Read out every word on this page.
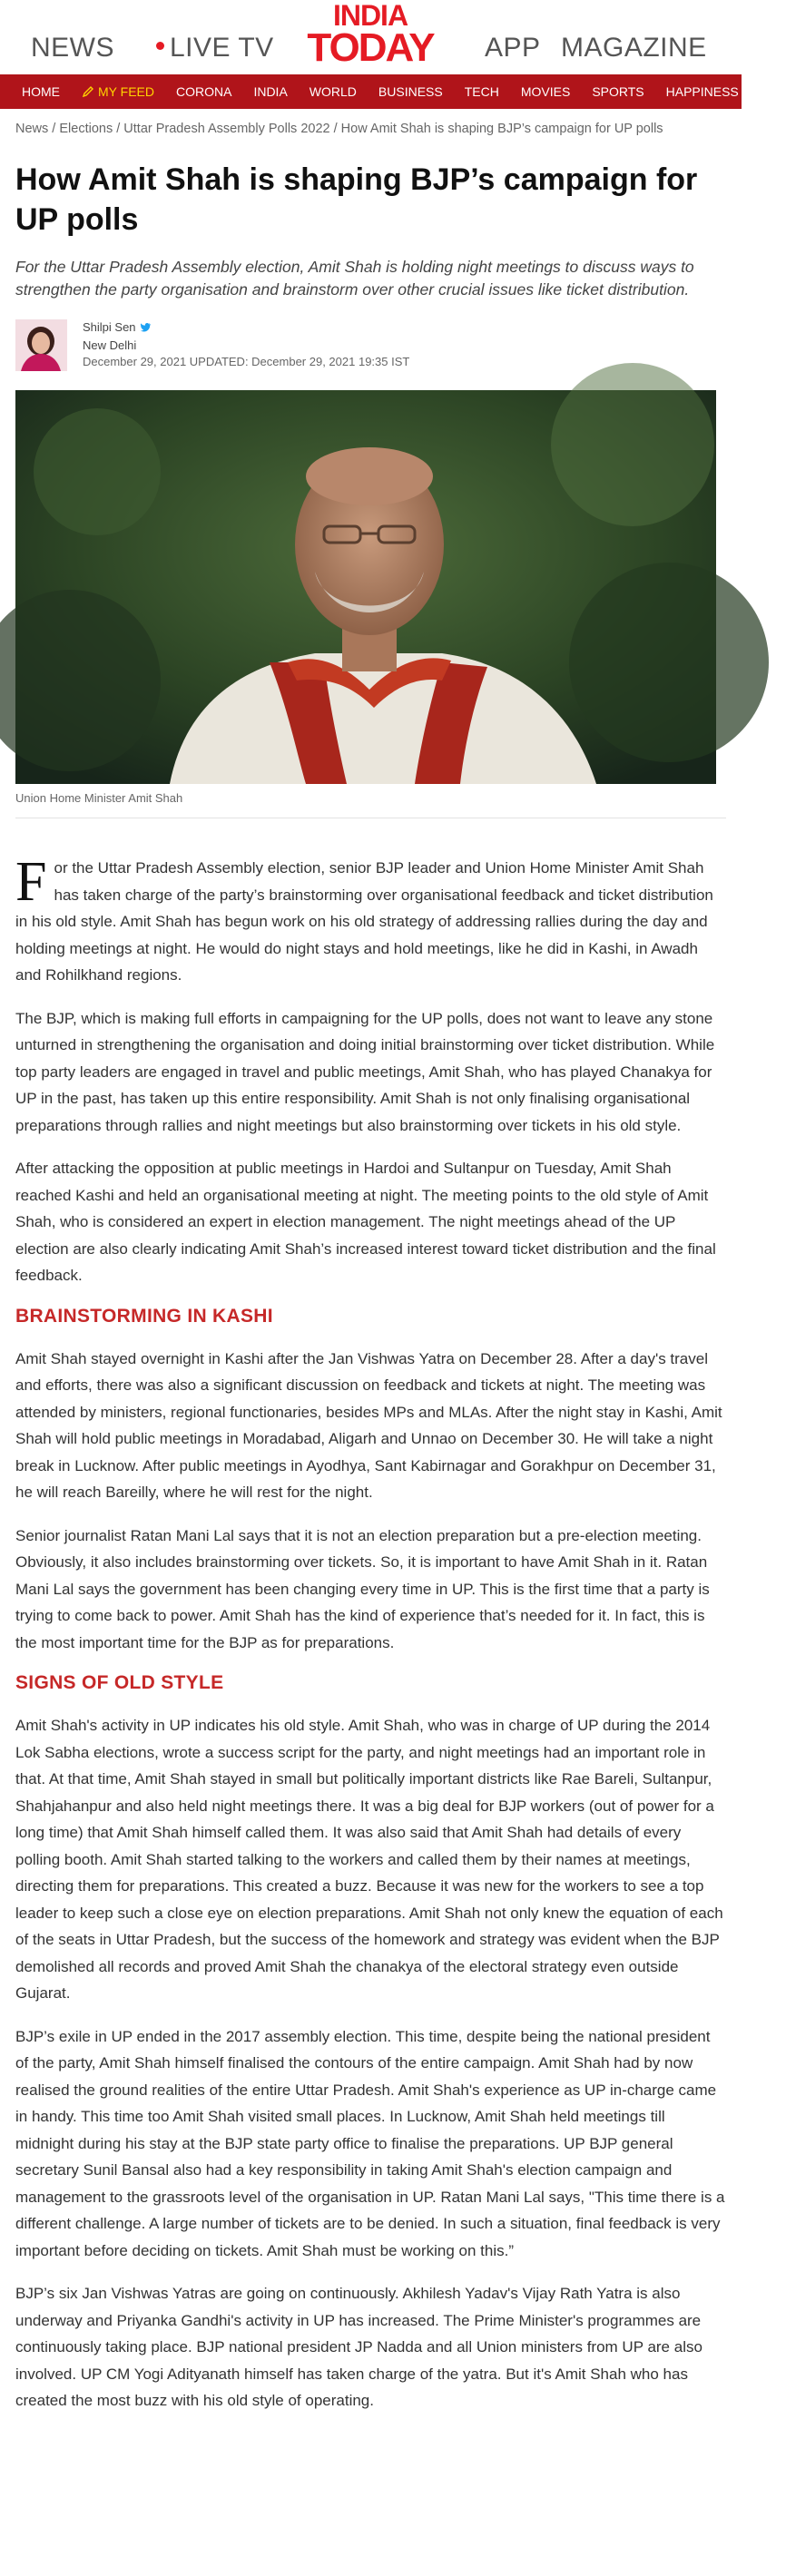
NEWS	LIVE TV
INDIA
TODAY APP MAGAZINE
HOME	MY FEED CORONA INDIA WORLD BUSINESS TECH MOVIES SPORTS HAPPINESS QUEST
News / Elections / Uttar Pradesh Assembly Polls 2022 / How Amit Shah is shaping BJP’s campaign for UP polls
How Amit Shah is shaping BJP’s campaign for UP polls

For the Uttar Pradesh Assembly election, Amit Shah is holding night meetings to discuss ways to strengthen the party organisation and brainstorm over other crucial issues like ticket distribution.

Shilpi Sen
New Delhi
December 29, 2021 UPDATED: December 29, 2021 19:35 IST
Union Home Minister Amit Shah

For the Uttar Pradesh Assembly election, senior BJP leader and Union Home Minister Amit Shah has taken charge of the party’s brainstorming over organisational feedback and ticket distribution in his old style. Amit Shah has begun work on his old strategy of addressing rallies during the day and holding meetings at night. He would do night stays and hold meetings, like he did in Kashi, in Awadh and Rohilkhand regions.

The BJP, which is making full efforts in campaigning for the UP polls, does not want to leave any stone unturned in strengthening the organisation and doing initial brainstorming over ticket distribution. While top party leaders are engaged in travel and public meetings, Amit Shah, who has played Chanakya for UP in the past, has taken up this entire responsibility. Amit Shah is not only finalising organisational preparations through rallies and night meetings but also brainstorming over tickets in his old style.

After attacking the opposition at public meetings in Hardoi and Sultanpur on Tuesday, Amit Shah reached Kashi and held an organisational meeting at night. The meeting points to the old style of Amit Shah, who is considered an expert in election management. The night meetings ahead of the UP election are also clearly indicating Amit Shah’s increased interest toward ticket distribution and the final feedback.

BRAINSTORMING IN KASHI

Amit Shah stayed overnight in Kashi after the Jan Vishwas Yatra on December 28. After a day's travel and efforts, there was also a significant discussion on feedback and tickets at night. The meeting was attended by ministers, regional functionaries, besides MPs and MLAs. After the night stay in Kashi, Amit Shah will hold public meetings in Moradabad, Aligarh and Unnao on December 30. He will take a night break in Lucknow. After public meetings in Ayodhya, Sant Kabirnagar and Gorakhpur on December 31, he will reach Bareilly, where he will rest for the night.

Senior journalist Ratan Mani Lal says that it is not an election preparation but a pre-election meeting. Obviously, it also includes brainstorming over tickets. So, it is important to have Amit Shah in it. Ratan Mani Lal says the government has been changing every time in UP. This is the first time that a party is trying to come back to power. Amit Shah has the kind of experience that’s needed for it. In fact, this is the most important time for the BJP as for preparations.

SIGNS OF OLD STYLE

Amit Shah's activity in UP indicates his old style. Amit Shah, who was in charge of UP during the 2014 Lok Sabha elections, wrote a success script for the party, and night meetings had an important role in that. At that time, Amit Shah stayed in small but politically important districts like Rae Bareli, Sultanpur, Shahjahanpur and also held night meetings there. It was a big deal for BJP workers (out of power for a long time) that Amit Shah himself called them. It was also said that Amit Shah had details of every polling booth. Amit Shah started talking to the workers and called them by their names at meetings, directing them for preparations. This created a buzz. Because it was new for the workers to see a top leader to keep such a close eye on election preparations. Amit Shah not only knew the equation of each of the seats in Uttar Pradesh, but the success of the homework and strategy was evident when the BJP demolished all records and proved Amit Shah the chanakya of the electoral strategy even outside Gujarat.

BJP’s exile in UP ended in the 2017 assembly election. This time, despite being the national president of the party, Amit Shah himself finalised the contours of the entire campaign. Amit Shah had by now realised the ground realities of the entire Uttar Pradesh. Amit Shah's experience as UP in-charge came in handy. This time too Amit Shah visited small places. In Lucknow, Amit Shah held meetings till midnight during his stay at the BJP state party office to finalise the preparations. UP BJP general secretary Sunil Bansal also had a key responsibility in taking Amit Shah's election campaign and management to the grassroots level of the organisation in UP. Ratan Mani Lal says, "This time there is a different challenge. A large number of tickets are to be denied. In such a situation, final feedback is very important before deciding on tickets. Amit Shah must be working on this.”

BJP’s six Jan Vishwas Yatras are going on continuously. Akhilesh Yadav's Vijay Rath Yatra is also underway and Priyanka Gandhi's activity in UP has increased. The Prime Minister's programmes are continuously taking place. BJP national president JP Nadda and all Union ministers from UP are also involved. UP CM Yogi Adityanath himself has taken charge of the yatra. But it's Amit Shah who has created the most buzz with his old style of operating.
